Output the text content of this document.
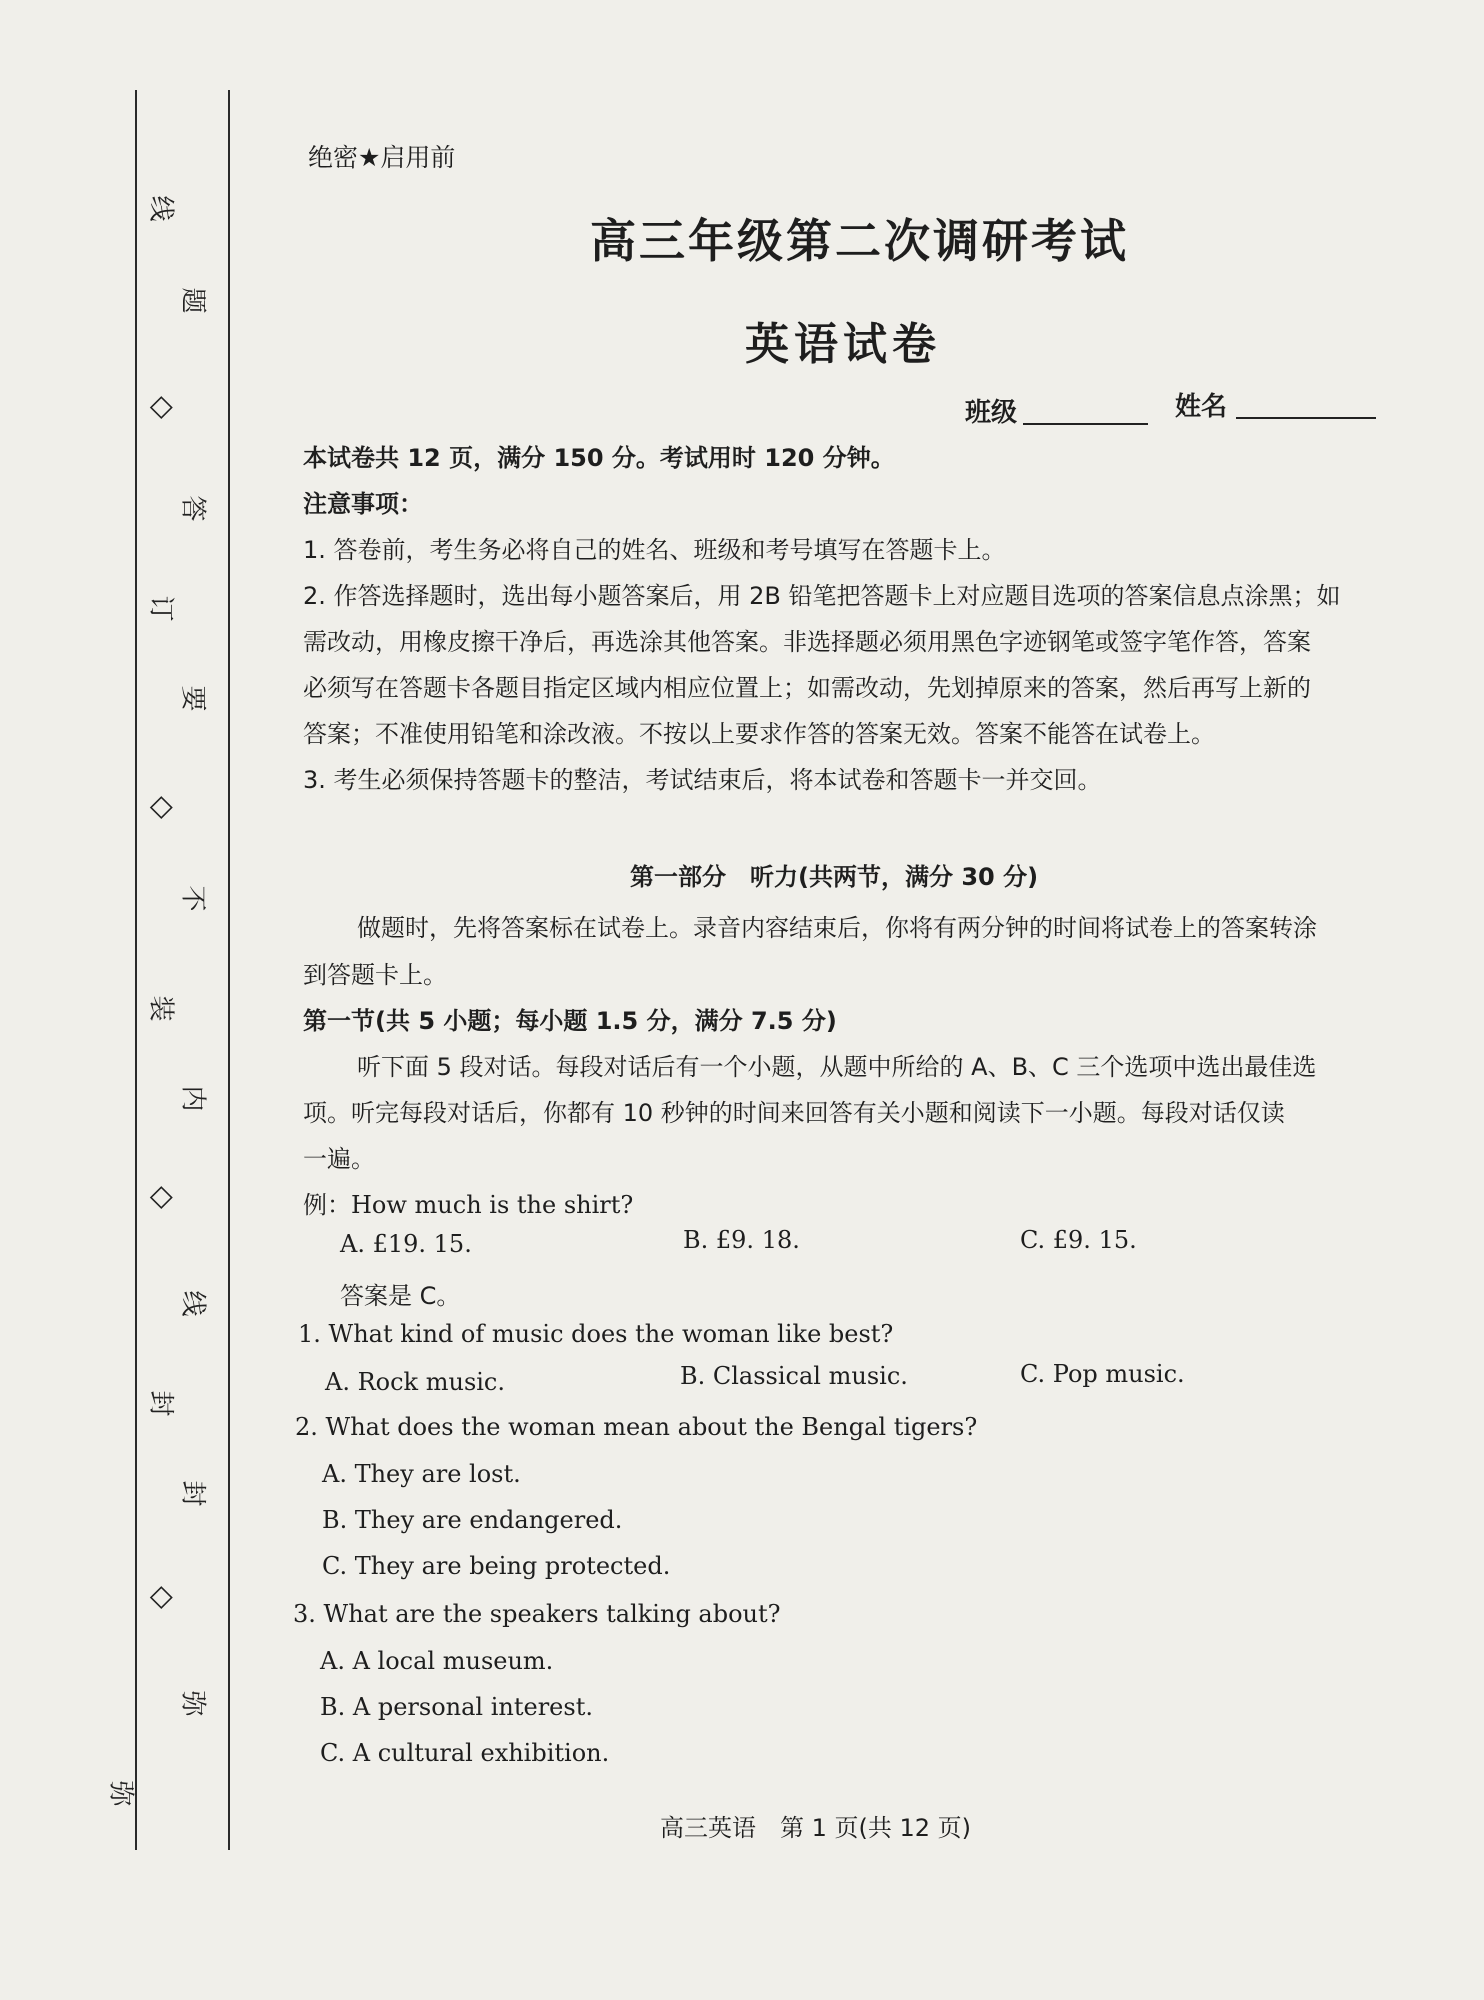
线
题
◇
答
订
要
◇
不
装
内
◇
线
封
封
◇
弥
弥
绝密★启用前
高三年级第二次调研考试
英语试卷
班级	姓名
本试卷共 12 页，满分 150 分。考试用时 120 分钟。
注意事项：
1. 答卷前，考生务必将自己的姓名、班级和考号填写在答题卡上。
2. 作答选择题时，选出每小题答案后，用 2B 铅笔把答题卡上对应题目选项的答案信息点涂黑；如
需改动，用橡皮擦干净后，再选涂其他答案。非选择题必须用黑色字迹钢笔或签字笔作答，答案
必须写在答题卡各题目指定区域内相应位置上；如需改动，先划掉原来的答案，然后再写上新的
答案；不准使用铅笔和涂改液。不按以上要求作答的答案无效。答案不能答在试卷上。
3. 考生必须保持答题卡的整洁，考试结束后，将本试卷和答题卡一并交回。
第一部分　听力(共两节，满分 30 分)
做题时，先将答案标在试卷上。录音内容结束后，你将有两分钟的时间将试卷上的答案转涂
到答题卡上。
第一节(共 5 小题；每小题 1.5 分，满分 7.5 分)
听下面 5 段对话。每段对话后有一个小题，从题中所给的 A、B、C 三个选项中选出最佳选
项。听完每段对话后，你都有 10 秒钟的时间来回答有关小题和阅读下一小题。每段对话仅读
一遍。
例：How much is the shirt?
A. £19. 15.	B. £9. 18.	C. £9. 15.
答案是 C。
1. What kind of music does the woman like best?
A. Rock music.	B. Classical music.	C. Pop music.
2. What does the woman mean about the Bengal tigers?
A. They are lost.
B. They are endangered.
C. They are being protected.
3. What are the speakers talking about?
A. A local museum.
B. A personal interest.
C. A cultural exhibition.
高三英语　第 1 页(共 12 页)
